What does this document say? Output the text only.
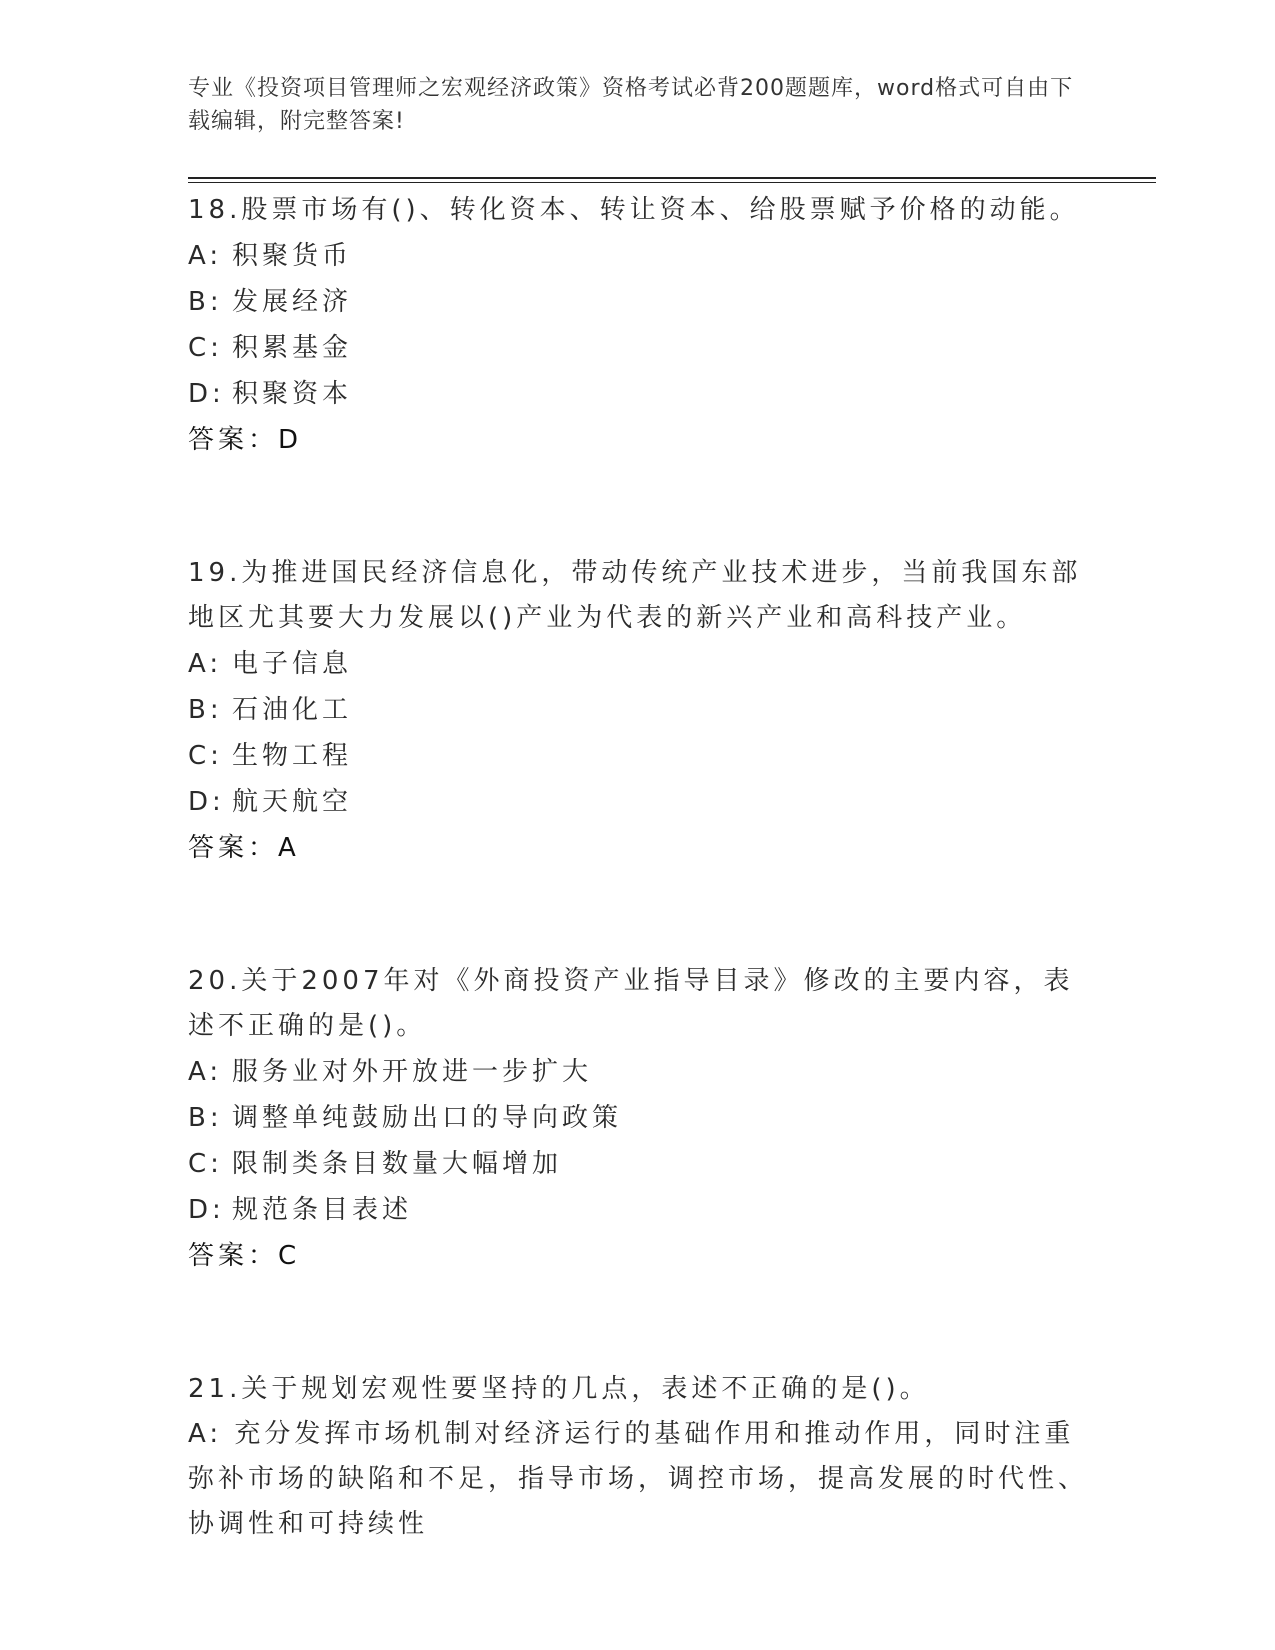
专业《投资项目管理师之宏观经济政策》资格考试必背200题题库，word格式可自由下载编辑，附完整答案!
18.股票市场有()、转化资本、转让资本、给股票赋予价格的动能。
A: 积聚货币
B: 发展经济
C: 积累基金
D: 积聚资本
答案：D
19.为推进国民经济信息化，带动传统产业技术进步，当前我国东部地区尤其要大力发展以()产业为代表的新兴产业和高科技产业。
A: 电子信息
B: 石油化工
C: 生物工程
D: 航天航空
答案：A
20.关于2007年对《外商投资产业指导目录》修改的主要内容，表述不正确的是()。
A: 服务业对外开放进一步扩大
B: 调整单纯鼓励出口的导向政策
C: 限制类条目数量大幅增加
D: 规范条目表述
答案：C
21.关于规划宏观性要坚持的几点，表述不正确的是()。
A: 充分发挥市场机制对经济运行的基础作用和推动作用，同时注重弥补市场的缺陷和不足，指导市场，调控市场，提高发展的时代性、协调性和可持续性
